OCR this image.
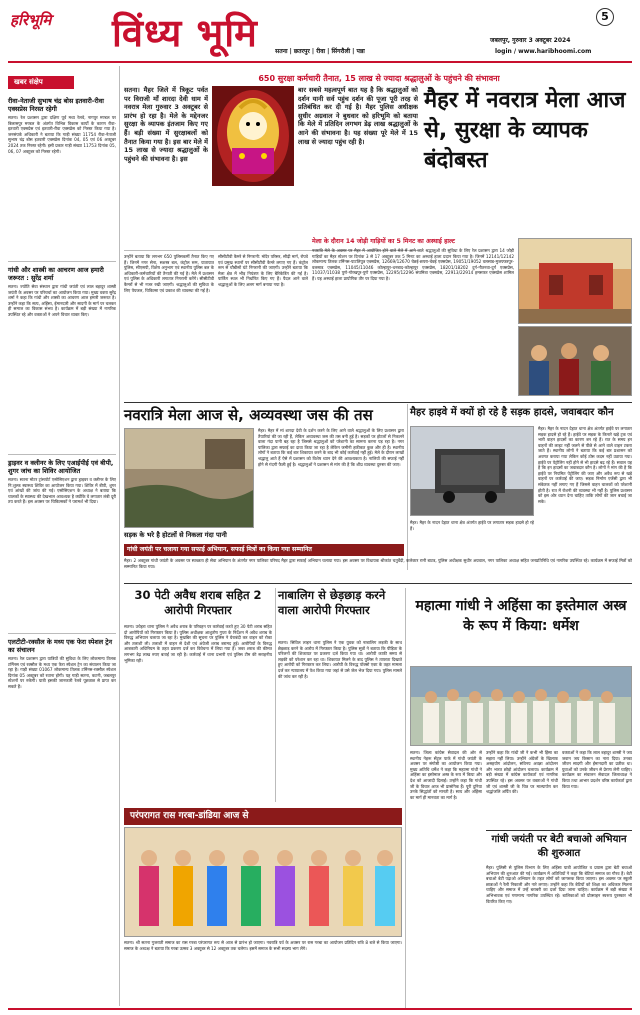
हरिभूमि विंध्य भूमि	5
जबलपुर, गुरुवार 3 अक्टूबर 2024
login / www.haribhoomi.com
सतना | छतरपुर | रीवा | सिंगरौली | पन्ना
खबर संक्षेप
रीवा-नेताजी सुभाष चंद्र बोस इतवारी-रीवा एक्सप्रेस निरस्त रहेगी
सतना। रेल प्रशासन द्वारा दक्षिण पूर्व मध्य रेलवे, नागपुर मण्डल पर बिलासपुर मण्डल के अंतर्गत विभिन्न विकास कार्यों के कारण रीवा-इतवारी एक्सप्रेस एवं इतवारी-रीवा एक्सप्रेस को निरस्त किया गया है। जनसंपर्क अधिकारी ने बताया कि गाड़ी संख्या 11754 रीवा-नेताजी सुभाष चंद्र बोस इतवारी एक्सप्रेस दिनांक 04, 05 एवं 06 अक्टूबर 2024 तक निरस्त रहेगी। इसी प्रकार गाड़ी संख्या 11753 दिनांक 05, 06, 07 अक्टूबर को निरस्त रहेगी।
गांधी और शास्त्री का आचरण आज हमारी जरूरत : सुरेंद्र शर्मा
सतना। ज्योति सेवा संस्थान द्वारा गांधी जयंती एवं लाल बहादुर शास्त्री जयंती के अवसर पर परिचर्चा का आयोजन किया गया। मुख्य वक्ता सुरेंद्र शर्मा ने कहा कि गांधी और शास्त्री का आचरण आज हमारी जरूरत है। उन्होंने कहा कि सत्य, अहिंसा, ईमानदारी और सादगी के मार्ग पर चलकर ही समाज का विकास संभव है। कार्यक्रम में बड़ी संख्या में नागरिक उपस्थित रहे और वक्ताओं ने अपने विचार व्यक्त किए।
ड्राइवर व क्लीनर के लिए एआईपीई एवं बीपी, शुगर जांच का शिविर आयोजित
सतना। सतना मोटर ट्रांसपोर्ट एसोसिएशन द्वारा ड्राइवर व क्लीनर के लिए नि:शुल्क स्वास्थ्य शिविर का आयोजन किया गया। शिविर में बीपी, शुगर एवं आंखों की जांच की गई। एसोसिएशन के अध्यक्ष ने बताया कि चालकों के स्वास्थ्य की देखभाल आवश्यक है क्योंकि वे लगातार लंबी दूरी तय करते हैं। इस अवसर पर चिकित्सकों ने परामर्श भी दिया।
एलटीटी-रक्सौल के मध्य एक फेरा स्पेशल ट्रेन का संचालन
सतना। रेल प्रशासन द्वारा यात्रियों की सुविधा के लिए लोकमान्य तिलक टर्मिनस एवं रक्सौल के मध्य एक फेरा स्पेशल ट्रेन का संचालन किया जा रहा है। गाड़ी संख्या 01067 लोकमान्य तिलक टर्मिनस-रक्सौल स्पेशल दिनांक 05 अक्टूबर को रवाना होगी। यह गाड़ी सतना, कटनी, जबलपुर स्टेशनों पर रुकेगी। यात्री इसकी जानकारी रेलवे पूछताछ से प्राप्त कर सकते हैं।
650 सुरक्षा कर्मचारी तैनात, 15 लाख से ज्यादा श्रद्धालुओं के पहुंचने की संभावना
सतना। मैहर जिले में त्रिकूट पर्वत पर विराजी माँ शारदा देवी धाम में नवरात्र मेला गुरुवार 3 अक्टूबर से प्रारंभ हो रहा है। मेले के मद्देनजर सुरक्षा के व्यापक इंतजाम किए गए हैं। बड़ी संख्या में सुरक्षाबलों को तैनात किया गया है। इस बार मेले में 15 लाख से ज्यादा श्रद्धालुओं के पहुंचने की संभावना है। इस
बार सबसे महत्वपूर्ण बात यह है कि श्रद्धालुओं को दर्शन यानी सर्व पहुंच दर्शन की पूजा पूरी तरह से प्रतिबंधित कर दी गई है। मैहर पुलिस अधीक्षक सुधीर अग्रवाल ने बुधवार को हरिभूमि को बताया कि मेले में प्रतिदिन लगभग डेढ़ लाख श्रद्धालुओं के आने की संभावना है। यह संख्या पूरे मेले में 15 लाख से ज्यादा पहुंच रही है।
मैहर में नवरात्र मेला आज से, सुरक्षा के व्यापक बंदोबस्त
उन्होंने बताया कि लगभग 650 पुलिसकर्मी तैनात किए गए हैं। जिनमें नगर सेना, सशस्त्र बल, कंट्रोल रूम, यातायात पुलिस, सीएसपी, विशेष अनुभाग एवं स्थानीय पुलिस बल के अधिकारी-कर्मचारियों की तैनाती की गई है। मेले में प्रशासन एवं पुलिस के अधिकारी लगातार निगरानी करेंगे। सीसीटीवी कैमरों से भी नजर रखी जाएगी। श्रद्धालुओं की सुविधा के लिए पेयजल, चिकित्सा एवं प्रकाश की व्यवस्था की गई है।
सीसीटीवी कैमरे से निगरानी: मंदिर परिसर, सीढ़ी मार्ग, रोपवे एवं प्रमुख स्थानों पर सीसीटीवी कैमरे लगाए गए हैं। कंट्रोल रूम से चौबीसों घंटे निगरानी की जाएगी। उन्होंने बताया कि मेला क्षेत्र में भीड़ नियंत्रण के लिए बैरिकेडिंग की गई है। पार्किंग स्थल भी निर्धारित किए गए हैं। पैदल आने वाले श्रद्धालुओं के लिए अलग मार्ग बनाया गया है।
मेला के दौरान 14 जोड़ी गाड़ियों का 5 मिनट का अस्थाई हाल्ट
नवरात्रि मेले के अवसर पर मैहर में आयोजित होने वाले मेले में आने वाले श्रद्धालुओं की सुविधा के लिए रेल प्रशासन द्वारा 14 जोड़ी गाड़ियों का मैहर स्टेशन पर दिनांक 3 से 17 अक्टूबर तक 5 मिनट का अस्थाई हाल्ट प्रदान किया गया है। जिनमें 12141/12142 लोकमान्य तिलक टर्मिनस-पाटलिपुत्र एक्सप्रेस, 12669/12670 चेन्नई-छपरा-चेन्नई एक्सप्रेस, 19051/19052 वलसाड-मुजफ्फरपुर-वलसाड एक्सप्रेस, 11045/11046 कोल्हापुर-धनबाद-कोल्हापुर एक्सप्रेस, 18201/18202 दुर्ग-नौतनवा-दुर्ग एक्सप्रेस, 11037/11038 पुणे-गोरखपुर-पुणे एक्सप्रेस, 12295/12296 संघमित्रा एक्सप्रेस, 22913/22914 हमसफर एक्सप्रेस शामिल हैं। यह अस्थाई हाल्ट प्रायोगिक तौर पर दिया गया है।
नवरात्रि मेला आज से, अव्यवस्था जस की तस
सड़क के भरे है होटलों से निकला गंदा पानी
मैहर। मैहर में मां शारदा देवी के दर्शन करने के लिए आने वाले श्रद्धालुओं के लिए प्रशासन द्वारा तैयारियां की जा रही हैं, लेकिन अव्यवस्था जस की तस बनी हुई है। सड़कों पर होटलों से निकलने वाला गंदा पानी बह रहा है जिससे श्रद्धालुओं को परेशानी का सामना करना पड़ रहा है। नगर पालिका द्वारा सफाई का दावा किया जा रहा है लेकिन जमीनी हकीकत कुछ और ही है। स्थानीय लोगों ने बताया कि कई बार शिकायत करने के बाद भी कोई कार्रवाई नहीं हुई। मेले के दौरान लाखों श्रद्धालु आते हैं ऐसे में प्रशासन को विशेष ध्यान देने की आवश्यकता है। नालियों की सफाई नहीं होने से गंदगी फैली हुई है। श्रद्धालुओं ने प्रशासन से मांग की है कि शीघ्र व्यवस्था दुरुस्त की जाए।
मैहर हाइवे में क्यों हो रहे है सड़क हादसे, जवाबदार कौन
मैहर। मैहर के नादन देहात थाना क्षेत्र अंतर्गत हाईवे पर लगातार सड़क हादसे हो रहे हैं।
मैहर। मैहर के नादन देहात थाना क्षेत्र अंतर्गत हाईवे पर लगातार सड़क हादसे हो रहे हैं। हाईवे पर सड़क के किनारे खड़े ट्रक एवं भारी वाहन हादसों का कारण बन रहे हैं। रात के समय इन वाहनों की लाइट नहीं जलने से पीछे से आने वाले वाहन टकरा जाते हैं। स्थानीय लोगों ने बताया कि कई बार प्रशासन को अवगत कराया गया लेकिन कोई ठोस कदम नहीं उठाया गया। हाईवे पर पेट्रोलिंग नहीं होने से भी हादसे बढ़ रहे हैं। सवाल यह है कि इन हादसों का जवाबदार कौन है। लोगों ने मांग की है कि हाईवे पर नियमित पेट्रोलिंग की जाए और अवैध रूप से खड़े वाहनों पर कार्रवाई की जाए। सड़क निर्माण एजेंसी द्वारा भी संकेतक नहीं लगाए गए हैं जिससे वाहन चालकों को परेशानी होती है। रात में रोशनी की व्यवस्था भी नहीं है। पुलिस प्रशासन को इस ओर ध्यान देना चाहिए ताकि लोगों की जान बचाई जा सके।
गांधी जयंती पर चलाया गया सफाई अभियान, सफाई मित्रों का किया गया सम्मानित
मैहर। 2 अक्टूबर गांधी जयंती के अवसर पर स्वच्छता ही सेवा अभियान के अंतर्गत नगर पालिका परिषद मैहर द्वारा सफाई अभियान चलाया गया। इस अवसर पर विधायक श्रीकांत चतुर्वेदी, कलेक्टर रानी बाटड, पुलिस अधीक्षक सुधीर अग्रवाल, नगर पालिका अध्यक्ष सहित जनप्रतिनिधि एवं नागरिक उपस्थित रहे। कार्यक्रम में सफाई मित्रों को सम्मानित किया गया।
30 पेटी अवैध शराब सहित 2 आरोपी गिरफ्तार
सतना। उचेहरा थाना पुलिस ने अवैध शराब के परिवहन पर कार्रवाई करते हुए 30 पेटी शराब सहित दो आरोपियों को गिरफ्तार किया है। पुलिस अधीक्षक आशुतोष गुप्ता के निर्देशन में अवैध शराब के विरुद्ध अभियान चलाया जा रहा है। मुखबिर की सूचना पर पुलिस ने घेराबंदी कर वाहन को रोका और तलाशी ली। तलाशी में वाहन से देशी एवं अंग्रेजी शराब बरामद हुई। आरोपियों के विरुद्ध आबकारी अधिनियम के तहत प्रकरण दर्ज कर विवेचना में लिया गया है। जब्त शराब की कीमत लगभग डेढ़ लाख रुपए बताई जा रही है। कार्रवाई में थाना प्रभारी एवं पुलिस टीम की सराहनीय भूमिका रही।
नाबालिग से छेड़छाड़ करने वाला आरोपी गिरफ्तार
सतना। सिविल लाइन थाना पुलिस ने एक युवक को नाबालिग लड़की के साथ छेड़छाड़ करने के आरोप में गिरफ्तार किया है। पुलिस सूत्रों ने बताया कि पीड़िता के परिजनों की शिकायत पर प्रकरण दर्ज किया गया था। आरोपी काफी समय से लड़की को परेशान कर रहा था। शिकायत मिलने के बाद पुलिस ने तत्परता दिखाते हुए आरोपी को गिरफ्तार कर लिया। आरोपी के विरुद्ध पॉक्सो एक्ट के तहत मामला दर्ज कर न्यायालय में पेश किया गया जहां से उसे जेल भेज दिया गया। पुलिस मामले की जांच कर रही है।
महात्मा गांधी ने अहिंसा का इस्तेमाल अस्त्र के रूप में किया: धर्मेश
सतना। जिला कांग्रेस सेवादल की ओर से स्थानीय नेहरू सेंट्रल पार्क में गांधी जयंती के अवसर पर संगोष्ठी का आयोजन किया गया। मुख्य अतिथि धर्मेश ने कहा कि महात्मा गांधी ने अहिंसा का इस्तेमाल अस्त्र के रूप में किया और देश को आजादी दिलाई। उन्होंने कहा कि गांधी जी के विचार आज भी प्रासंगिक हैं। पूरी दुनिया उनके सिद्धांतों को मानती है। सत्य और अहिंसा का मार्ग ही मानवता का मार्ग है।
उन्होंने कहा कि गांधी जी ने कभी भी हिंसा का सहारा नहीं लिया। उन्होंने अंग्रेजों के खिलाफ असहयोग आंदोलन, सविनय अवज्ञा आंदोलन और भारत छोड़ो आंदोलन चलाया। कार्यक्रम में बड़ी संख्या में कांग्रेस कार्यकर्ता एवं नागरिक उपस्थित रहे। इस अवसर पर वक्ताओं ने गांधी जी एवं शास्त्री जी के चित्र पर माल्यार्पण कर श्रद्धांजलि अर्पित की।
वक्ताओं ने कहा कि लाल बहादुर शास्त्री ने जय जवान जय किसान का नारा दिया। उनका जीवन सादगी और ईमानदारी का प्रतीक था। युवाओं को उनके जीवन से प्रेरणा लेनी चाहिए। कार्यक्रम का संचालन सेवादल जिलाध्यक्ष ने किया तथा आभार प्रदर्शन वरिष्ठ कार्यकर्ता द्वारा किया गया।
गांधी जयंती पर बेटी बचाओ अभियान की शुरुआत
मैहर। पुलिसी से पुलिस विभाग के लिए अहिंसा यात्री आयोजित व प्रयास द्वारा बेटी बचाओ अभियान की शुरुआत की गई। कार्यक्रम में अतिथियों ने कहा कि बेटियां समाज का गौरव हैं। बेटी बचाओ बेटी पढ़ाओ अभियान के तहत लोगों को जागरूक किया जाएगा। इस अवसर पर स्कूली छात्राओं ने रैली निकाली और नारे लगाए। उन्होंने कहा कि बेटियों को शिक्षा का अधिकार मिलना चाहिए और समाज में उन्हें बराबरी का दर्जा दिया जाना चाहिए। कार्यक्रम में बड़ी संख्या में अभिभावक एवं गणमान्य नागरिक उपस्थित रहे। बालिकाओं को प्रोत्साहन स्वरूप पुरस्कार भी वितरित किए गए।
परंपरागत रास गरबा-डांडिया आज से
सतना। श्री सतना गुजराती समाज का रास गरबा परंपरागत रूप से आज से प्रारंभ हो जाएगा। नवरात्रि पर्व के अवसर पर रास गरबा का आयोजन प्रतिदिन रात्रि 8 बजे से किया जाएगा। समाज के अध्यक्ष ने बताया कि गरबा उत्सव 3 अक्टूबर से 12 अक्टूबर तक चलेगा। इसमें समाज के सभी सदस्य भाग लेंगे।
